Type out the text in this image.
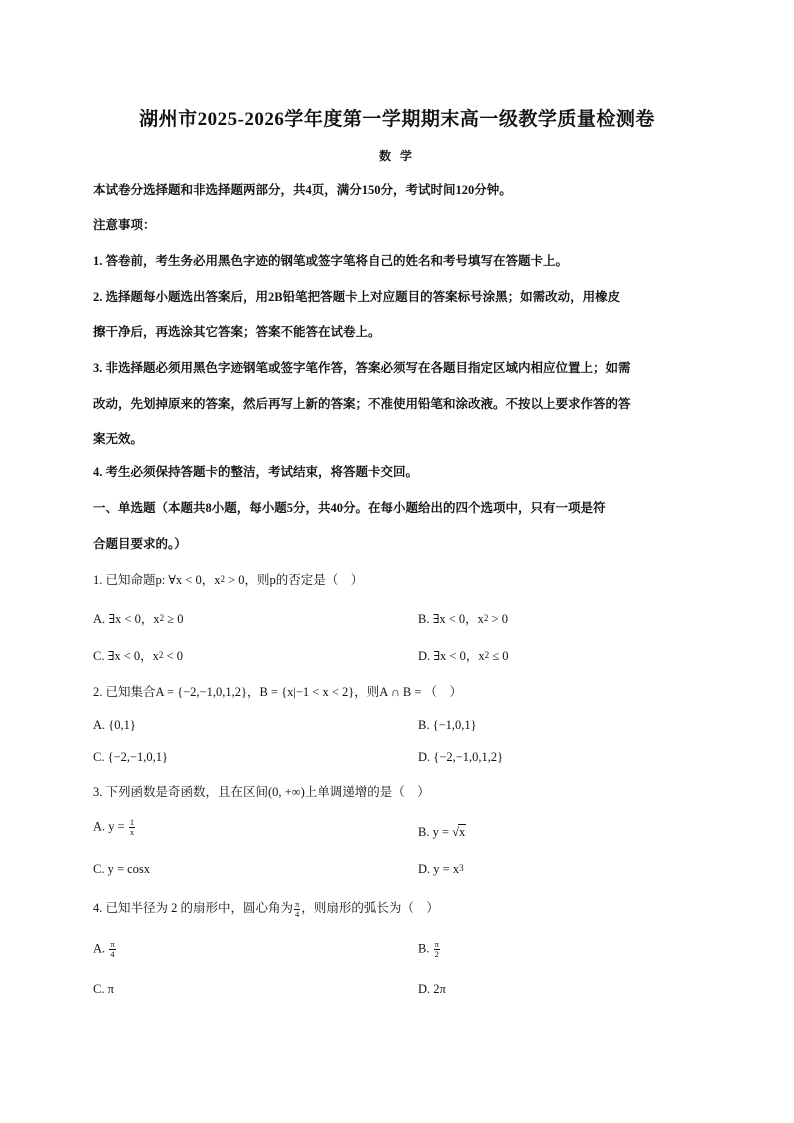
湖州市2025-2026学年度第一学期期末高一级教学质量检测卷
数 学
本试卷分选择题和非选择题两部分，共4页，满分150分，考试时间120分钟。
注意事项：
1. 答卷前，考生务必用黑色字迹的钢笔或签字笔将自己的姓名和考号填写在答题卡上。
2. 选择题每小题选出答案后，用2B铅笔把答题卡上对应题目的答案标号涂黑；如需改动，用橡皮
擦干净后，再选涂其它答案；答案不能答在试卷上。
3. 非选择题必须用黑色字迹钢笔或签字笔作答，答案必须写在各题目指定区域内相应位置上；如需
改动，先划掉原来的答案，然后再写上新的答案；不准使用铅笔和涂改液。不按以上要求作答的答
案无效。
4. 考生必须保持答题卡的整洁，考试结束，将答题卡交回。
一、单选题（本题共8小题，每小题5分，共40分。在每小题给出的四个选项中，只有一项是符
合题目要求的。）
1. 已知命题p: ∀x < 0，$x^2 > 0$，则p的否定是（　）
A. ∃x < 0，$x^2 \ge 0$	B. ∃x < 0，$x^2 > 0$
C. ∃x < 0，$x^2 < 0$	D. ∃x < 0，$x^2 \le 0$
2. 已知集合A = {−2,−1,0,1,2}，B = {x|−1 < x < 2}，则A ∩ B = （　）
A. {0,1}	B. {−1,0,1}
C. {−2,−1,0,1}	D. {−2,−1,0,1,2}
3. 下列函数是奇函数，且在区间(0, +∞)上单调递增的是（　）
A. $y = \frac{1}{x}$	B. y = √x
C. y = cosx	D. $y = x^3$
4. 已知半径为 2 的扇形中，圆心角为 $\frac{\pi}{4}$ ，则扇形的弧长为（　）
A. $\frac{\pi}{4}$	B. $\frac{\pi}{2}$
C. π	D. 2π
